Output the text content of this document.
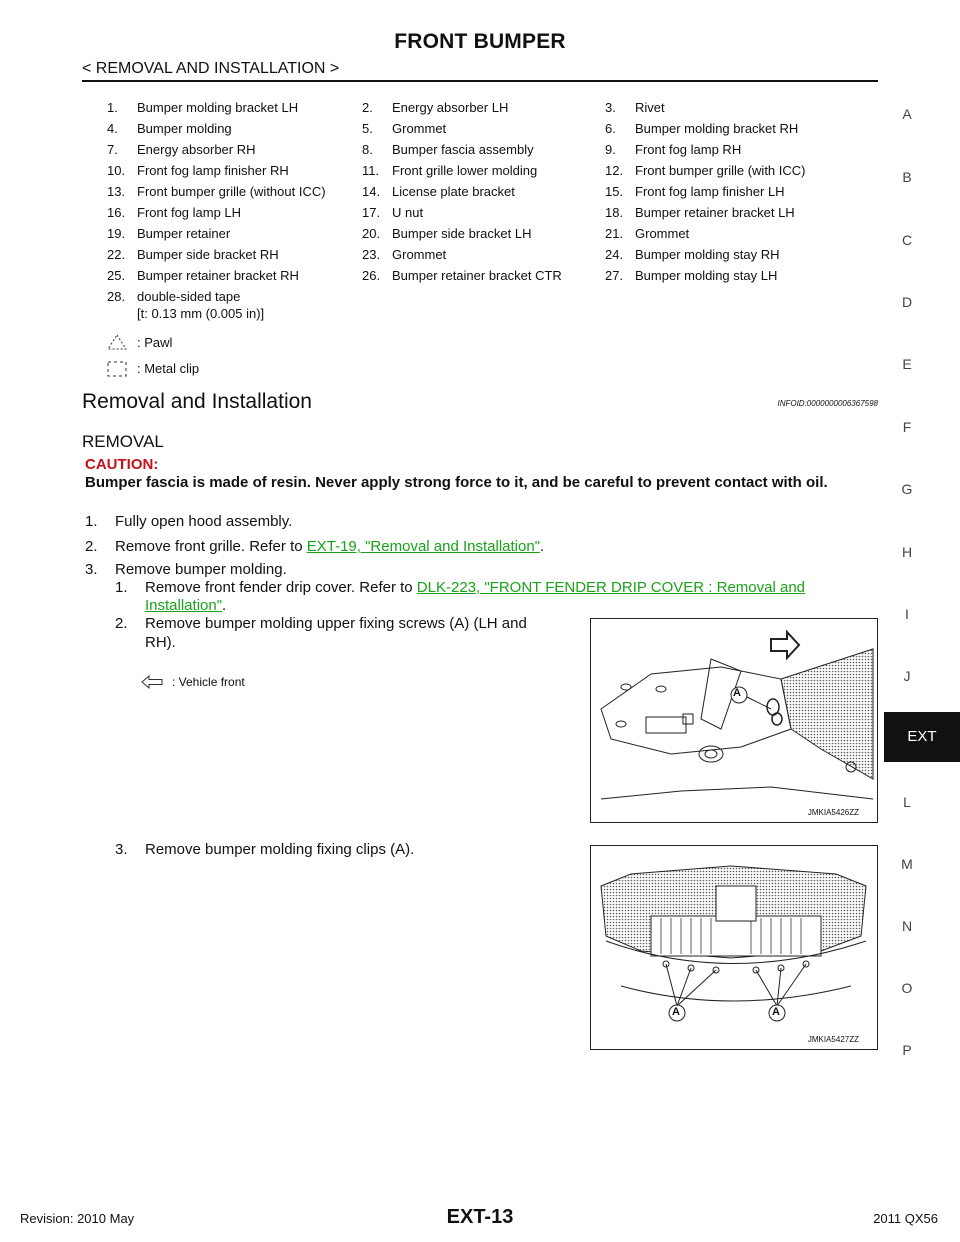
FRONT BUMPER
< REMOVAL AND INSTALLATION >
1. Bumper molding bracket LH	2. Energy absorber LH	3. Rivet
4. Bumper molding	5. Grommet	6. Bumper molding bracket RH
7. Energy absorber RH	8. Bumper fascia assembly	9. Front fog lamp RH
10. Front fog lamp finisher RH	11. Front grille lower molding	12. Front bumper grille (with ICC)
13. Front bumper grille (without ICC)	14. License plate bracket	15. Front fog lamp finisher LH
16. Front fog lamp LH	17. U nut	18. Bumper retainer bracket LH
19. Bumper retainer	20. Bumper side bracket LH	21. Grommet
22. Bumper side bracket RH	23. Grommet	24. Bumper molding stay RH
25. Bumper retainer bracket RH	26. Bumper retainer bracket CTR	27. Bumper molding stay LH
28. double-sided tape
[t: 0.13 mm (0.005 in)]
: Pawl
: Metal clip
Removal and Installation	INFOID:0000000006367598
REMOVAL
CAUTION:
Bumper fascia is made of resin. Never apply strong force to it, and be careful to prevent contact with oil.
1. Fully open hood assembly.
2. Remove front grille. Refer to EXT-19, "Removal and Installation".
3. Remove bumper molding.
1. Remove front fender drip cover. Refer to DLK-223, "FRONT FENDER DRIP COVER : Removal and
Installation".
2. Remove bumper molding upper fixing screws (A) (LH and
RH).
: Vehicle front
A
JMKIA5426ZZ
3. Remove bumper molding fixing clips (A).
A	A
JMKIA5427ZZ
A
B
C
D
E
F
G
H
I
J
L
M
N
O
P
EXT
Revision: 2010 May	EXT-13	2011 QX56
